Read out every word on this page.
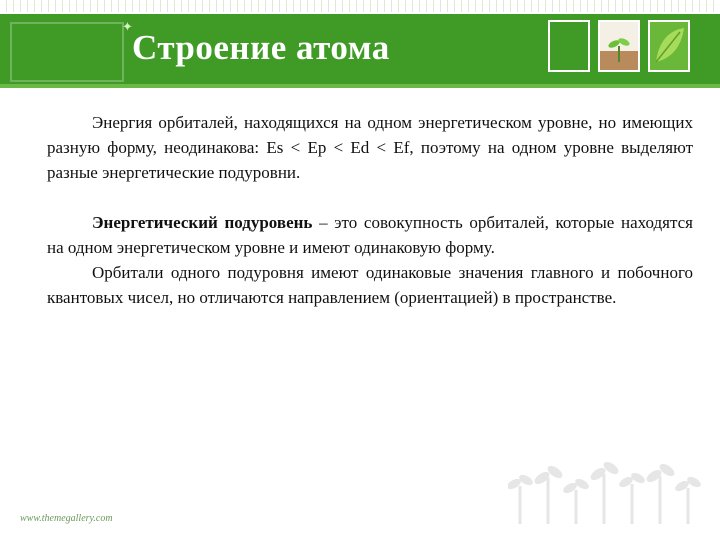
✦
Строение атома

Энергия орбиталей, находящихся на одном энергетическом уровне, но имеющих разную форму, неодинакова: Es < Ep < Ed < Ef, поэтому на одном уровне выделяют разные энергетические подуровни.

Энергетический подуровень – это совокупность орбиталей, которые находятся на одном энергетическом уровне и имеют одинаковую форму.

Орбитали одного подуровня имеют одинаковые значения главного и побочного квантовых чисел, но отличаются направлением (ориентацией) в пространстве.

www.themegallery.com
